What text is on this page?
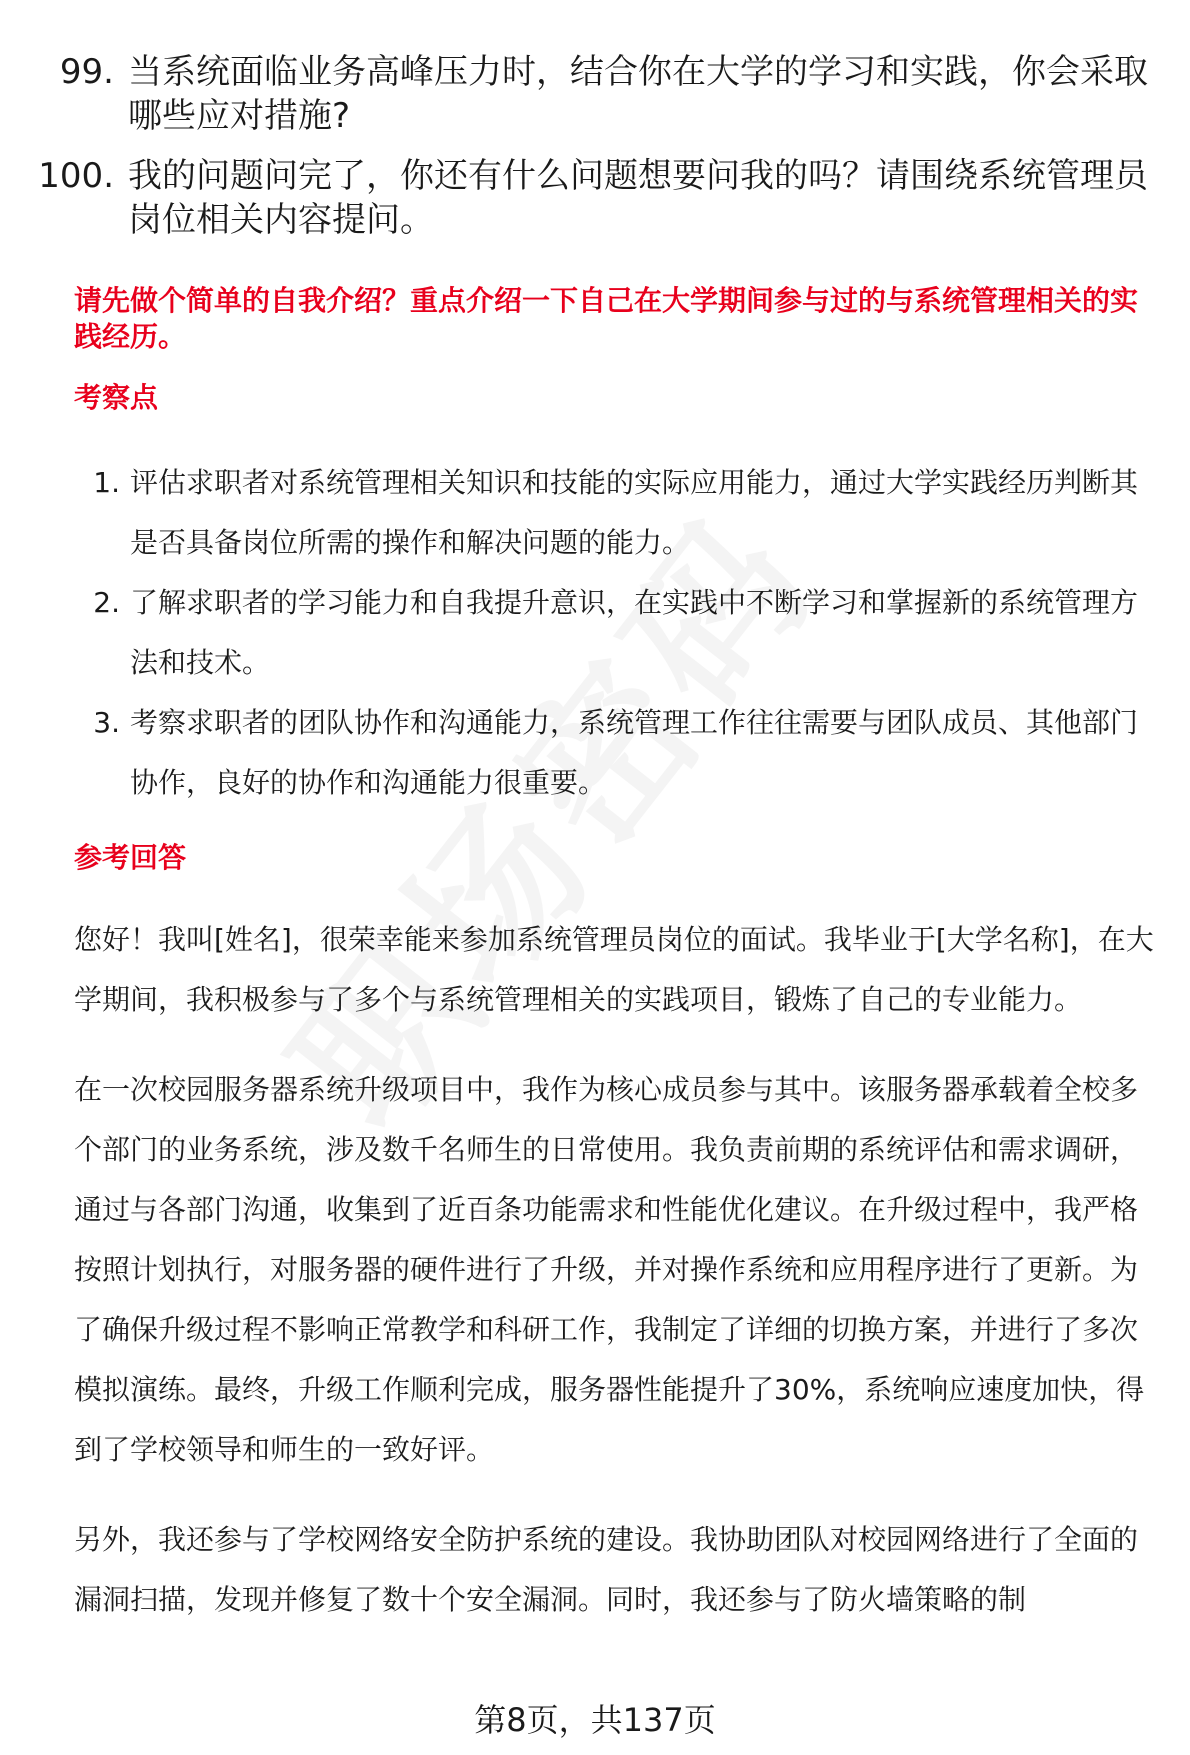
99. 当系统面临业务高峰压力时，结合你在大学的学习和实践，你会采取哪些应对措施?
100. 我的问题问完了，你还有什么问题想要问我的吗？请围绕系统管理员岗位相关内容提问。
请先做个简单的自我介绍？重点介绍一下自己在大学期间参与过的与系统管理相关的实践经历。
考察点
1. 评估求职者对系统管理相关知识和技能的实际应用能力，通过大学实践经历判断其是否具备岗位所需的操作和解决问题的能力。
2. 了解求职者的学习能力和自我提升意识，在实践中不断学习和掌握新的系统管理方法和技术。
3. 考察求职者的团队协作和沟通能力，系统管理工作往往需要与团队成员、其他部门协作，良好的协作和沟通能力很重要。
参考回答

您好！我叫[姓名]，很荣幸能来参加系统管理员岗位的面试。我毕业于[大学名称]，在大学期间，我积极参与了多个与系统管理相关的实践项目，锻炼了自己的专业能力。

在一次校园服务器系统升级项目中，我作为核心成员参与其中。该服务器承载着全校多个部门的业务系统，涉及数千名师生的日常使用。我负责前期的系统评估和需求调研，通过与各部门沟通，收集到了近百条功能需求和性能优化建议。在升级过程中，我严格按照计划执行，对服务器的硬件进行了升级，并对操作系统和应用程序进行了更新。为了确保升级过程不影响正常教学和科研工作，我制定了详细的切换方案，并进行了多次模拟演练。最终，升级工作顺利完成，服务器性能提升了30%，系统响应速度加快，得到了学校领导和师生的一致好评。

另外，我还参与了学校网络安全防护系统的建设。我协助团队对校园网络进行了全面的漏洞扫描，发现并修复了数十个安全漏洞。同时，我还参与了防火墙策略的制

第8页，共137页
